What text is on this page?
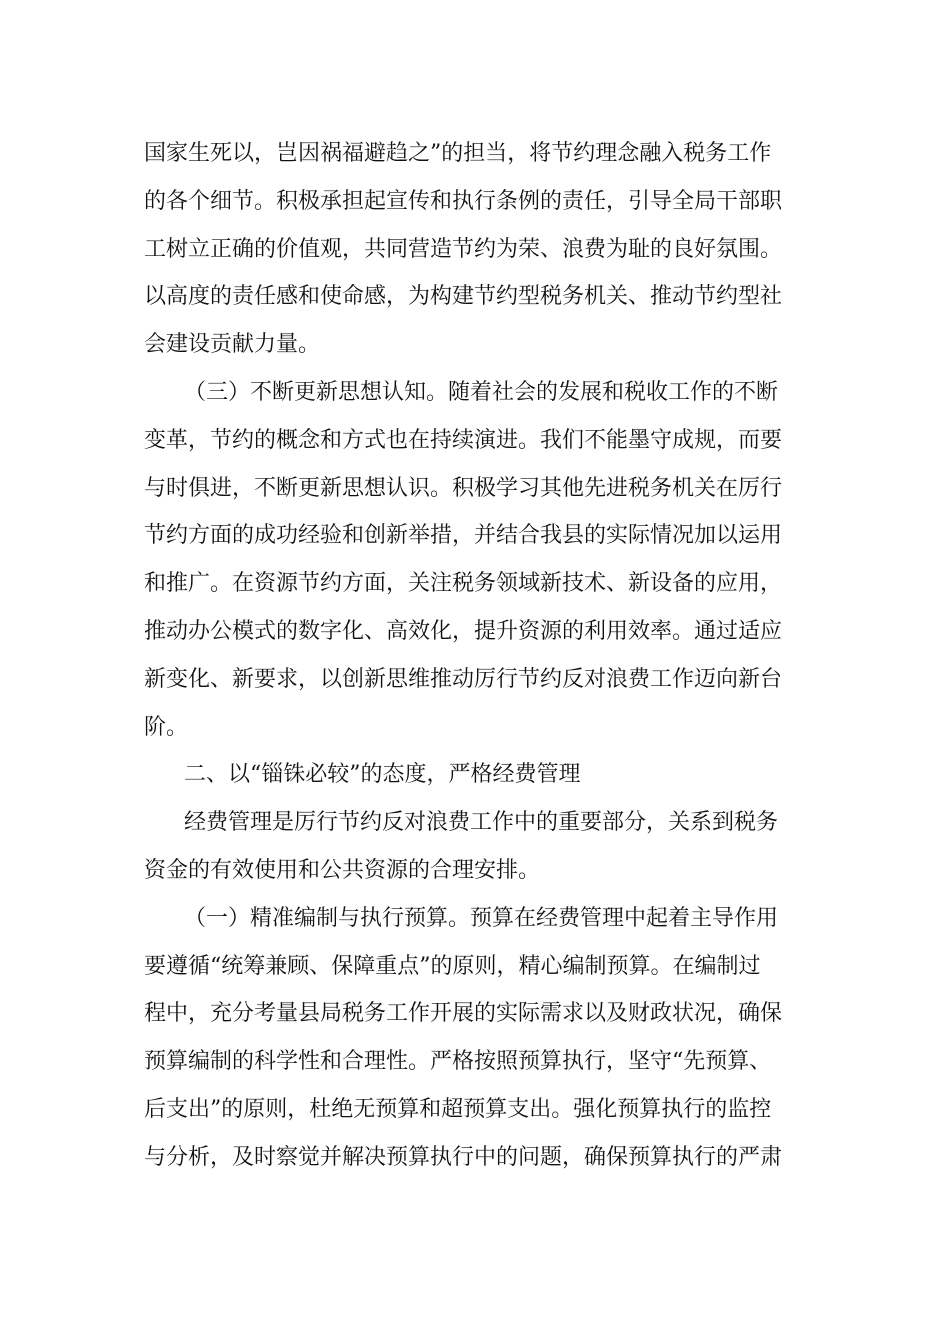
国家生死以，岂因祸福避趋之”的担当，将节约理念融入税务工作
的各个细节。积极承担起宣传和执行条例的责任，引导全局干部职
工树立正确的价值观，共同营造节约为荣、浪费为耻的良好氛围。
以高度的责任感和使命感，为构建节约型税务机关、推动节约型社
会建设贡献力量。
（三）不断更新思想认知。随着社会的发展和税收工作的不断
变革，节约的概念和方式也在持续演进。我们不能墨守成规，而要
与时俱进，不断更新思想认识。积极学习其他先进税务机关在厉行
节约方面的成功经验和创新举措，并结合我县的实际情况加以运用
和推广。在资源节约方面，关注税务领域新技术、新设备的应用，
推动办公模式的数字化、高效化，提升资源的利用效率。通过适应
新变化、新要求，以创新思维推动厉行节约反对浪费工作迈向新台
阶。
二、以“锱铢必较”的态度，严格经费管理
经费管理是厉行节约反对浪费工作中的重要部分，关系到税务
资金的有效使用和公共资源的合理安排。
（一）精准编制与执行预算。预算在经费管理中起着主导作用
要遵循“统筹兼顾、保障重点”的原则，精心编制预算。在编制过
程中，充分考量县局税务工作开展的实际需求以及财政状况，确保
预算编制的科学性和合理性。严格按照预算执行，坚守“先预算、
后支出”的原则，杜绝无预算和超预算支出。强化预算执行的监控
与分析，及时察觉并解决预算执行中的问题，确保预算执行的严肃
